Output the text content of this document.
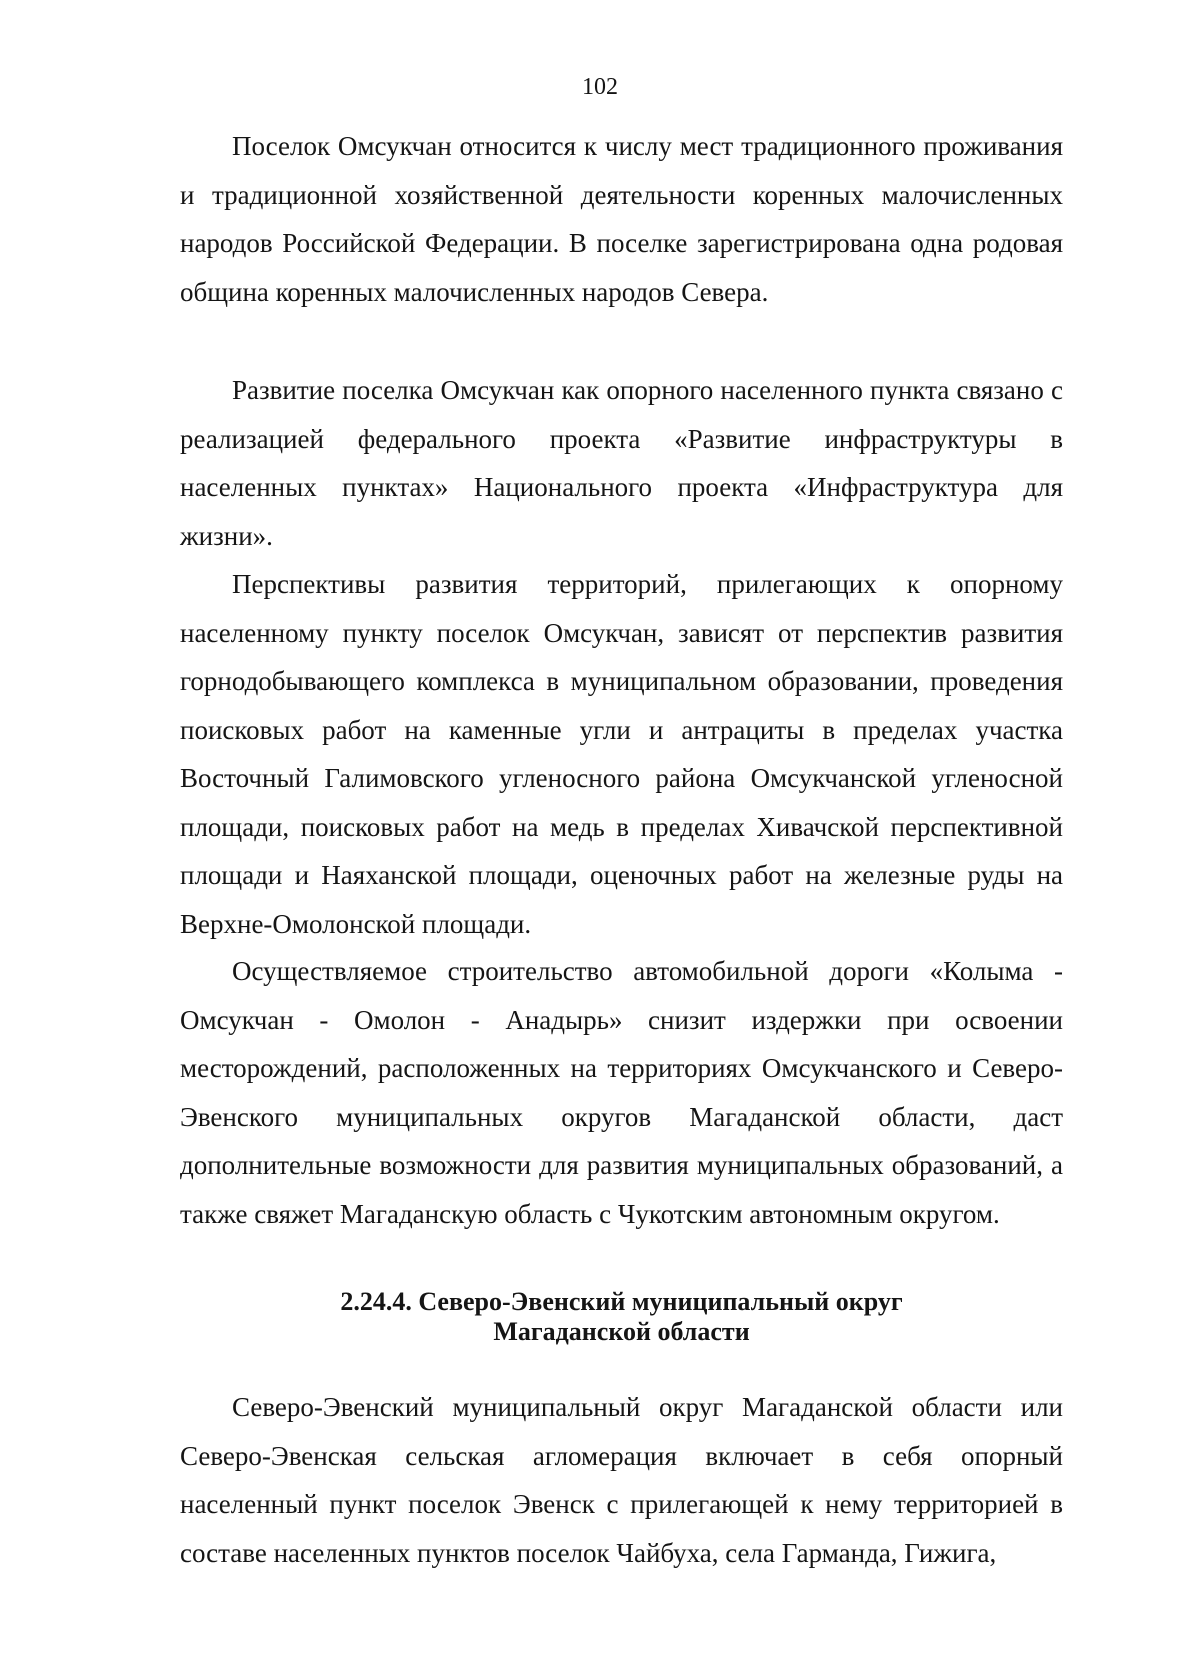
102

Поселок Омсукчан относится к числу мест традиционного проживания и традиционной хозяйственной деятельности коренных малочисленных народов Российской Федерации. В поселке зарегистрирована одна родовая община коренных малочисленных народов Севера.

Развитие поселка Омсукчан как опорного населенного пункта связано с реализацией федерального проекта «Развитие инфраструктуры в населенных пунктах» Национального проекта «Инфраструктура для жизни».

Перспективы развития территорий, прилегающих к опорному населенному пункту поселок Омсукчан, зависят от перспектив развития горнодобывающего комплекса в муниципальном образовании, проведения поисковых работ на каменные угли и антрациты в пределах участка Восточный Галимовского угленосного района Омсукчанской угленосной площади, поисковых работ на медь в пределах Хивачской перспективной площади и Наяханской площади, оценочных работ на железные руды на Верхне-Омолонской площади.

Осуществляемое строительство автомобильной дороги «Колыма - Омсукчан - Омолон - Анадырь» снизит издержки при освоении месторождений, расположенных на территориях Омсукчанского и Северо-Эвенского муниципальных округов Магаданской области, даст дополнительные возможности для развития муниципальных образований, а также свяжет Магаданскую область с Чукотским автономным округом.

2.24.4. Северо-Эвенский муниципальный округ
Магаданской области

Северо-Эвенский муниципальный округ Магаданской области или Северо-Эвенская сельская агломерация включает в себя опорный населенный пункт поселок Эвенск с прилегающей к нему территорией в составе населенных пунктов поселок Чайбуха, села Гарманда, Гижига,
